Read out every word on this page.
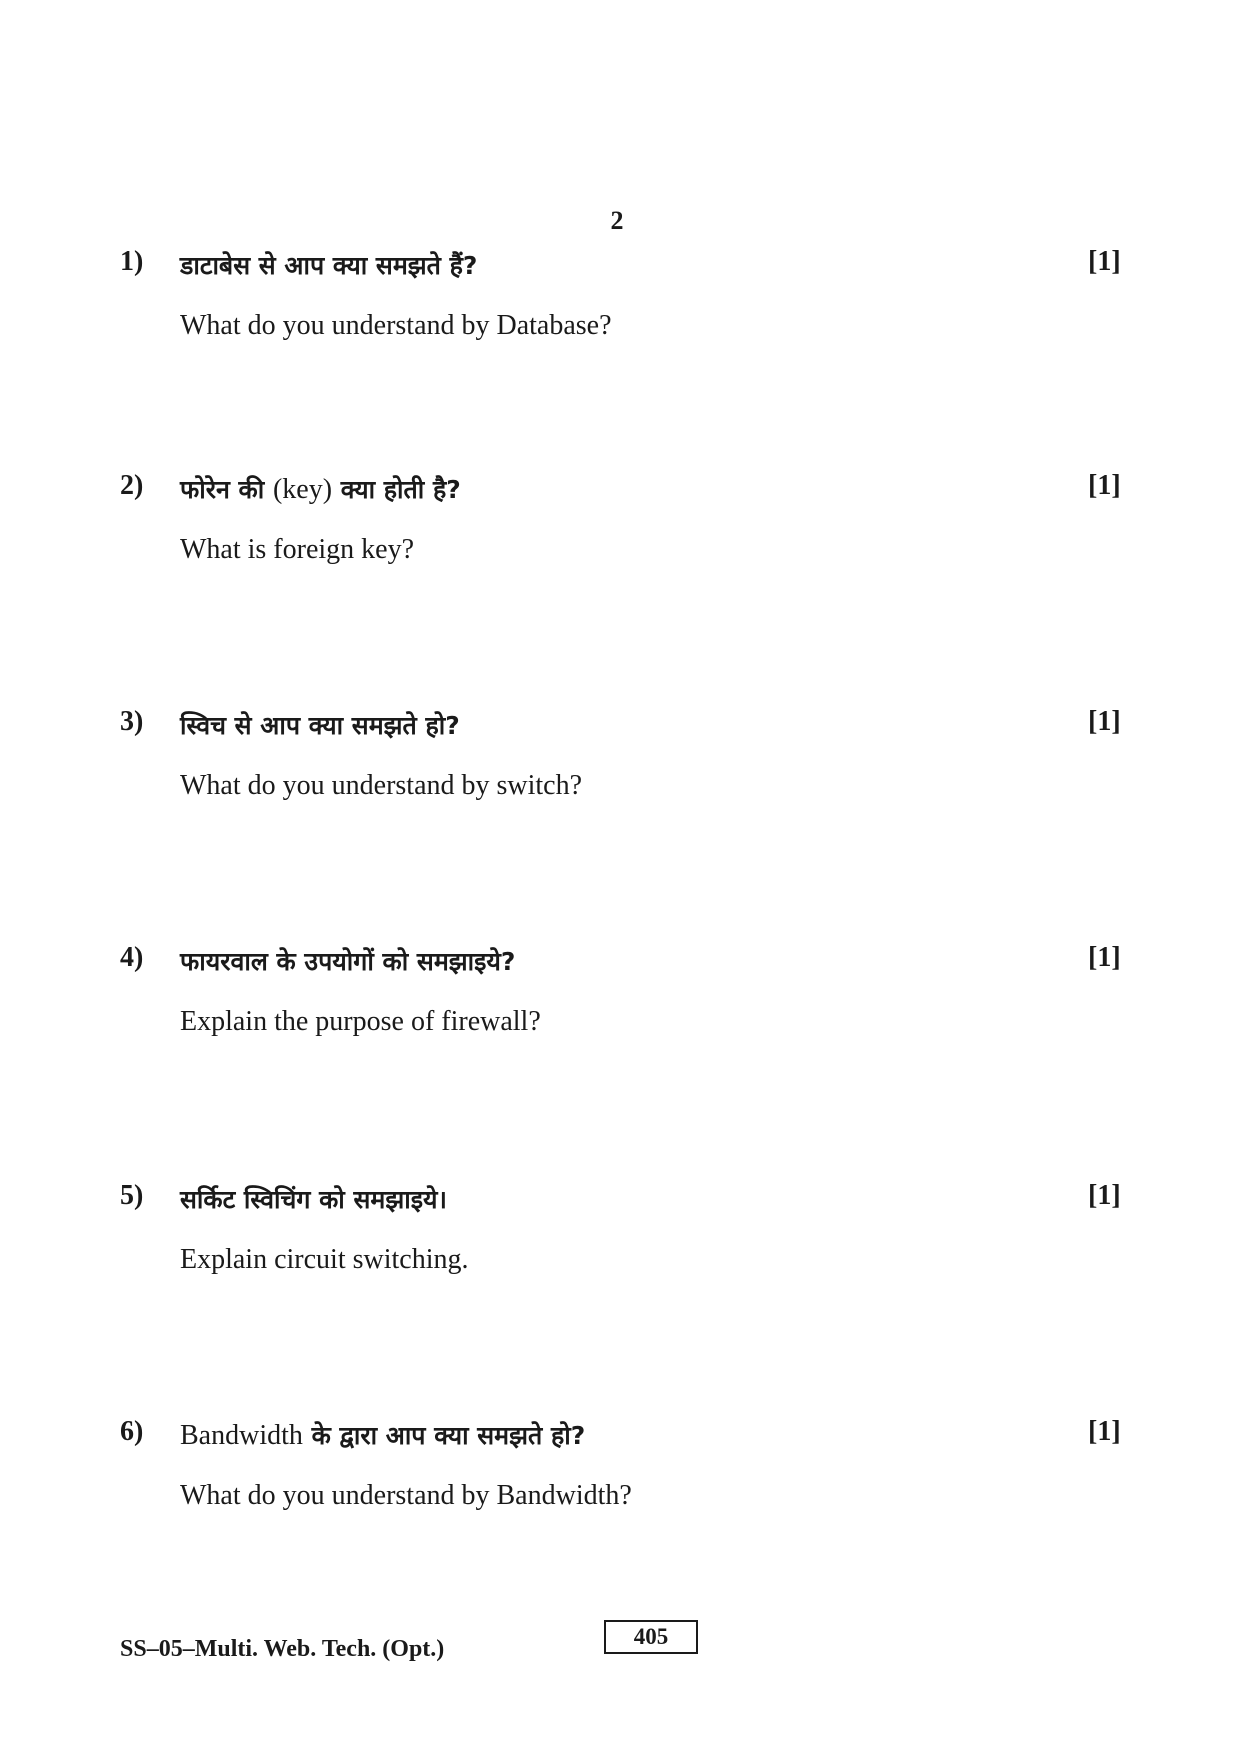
2
1) डाटाबेस से आप क्या समझते हैं?	[1]
What do you understand by Database?
2) फोरेन की (key) क्या होती है?	[1]
What is foreign key?
3) स्विच से आप क्या समझते हो?	[1]
What do you understand by switch?
4) फायरवाल के उपयोगों को समझाइये?	[1]
Explain the purpose of firewall?
5) सर्किट स्विचिंग को समझाइये।	[1]
Explain circuit switching.
6) Bandwidth के द्वारा आप क्या समझते हो?	[1]
What do you understand by Bandwidth?
SS–05–Multi. Web. Tech. (Opt.)	405
